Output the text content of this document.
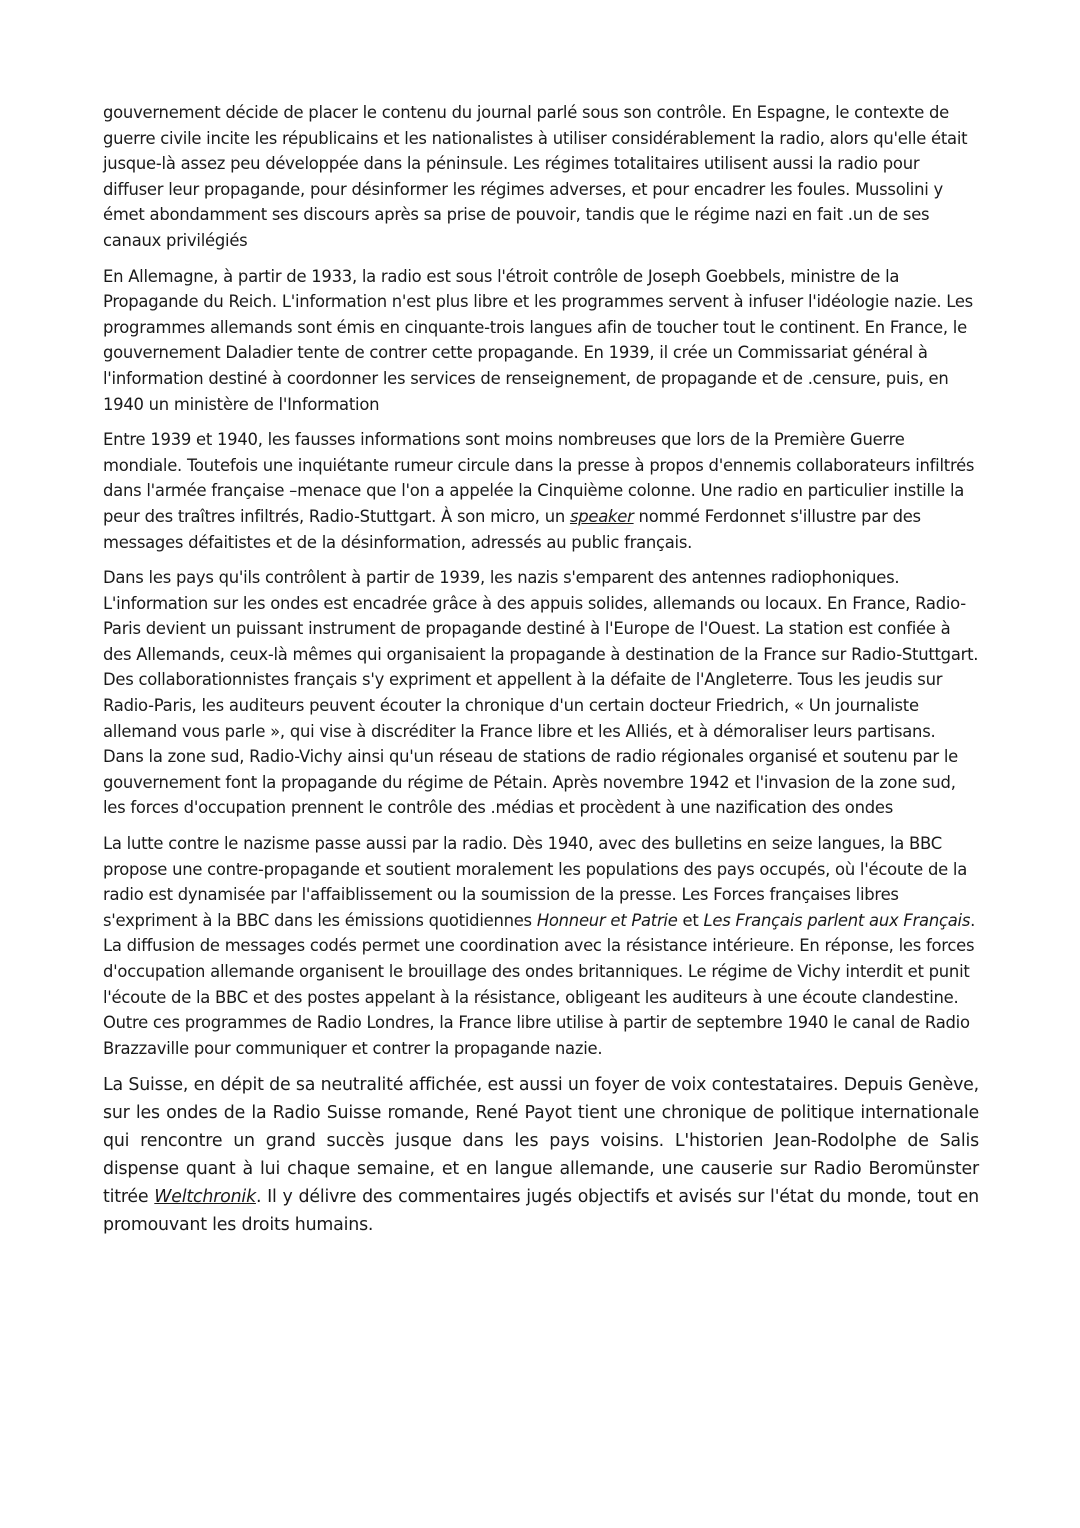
gouvernement décide de placer le contenu du journal parlé sous son contrôle. En Espagne, le contexte de guerre civile incite les républicains et les nationalistes à utiliser considérablement la radio, alors qu'elle était jusque-là assez peu développée dans la péninsule. Les régimes totalitaires utilisent aussi la radio pour diffuser leur propagande, pour désinformer les régimes adverses, et pour encadrer les foules. Mussolini y émet abondamment ses discours après sa prise de pouvoir, tandis que le régime nazi en fait .un de ses canaux privilégiés

En Allemagne, à partir de 1933, la radio est sous l'étroit contrôle de Joseph Goebbels, ministre de la Propagande du Reich. L'information n'est plus libre et les programmes servent à infuser l'idéologie nazie. Les programmes allemands sont émis en cinquante-trois langues afin de toucher tout le continent. En France, le gouvernement Daladier tente de contrer cette propagande. En 1939, il crée un Commissariat général à l'information destiné à coordonner les services de renseignement, de propagande et de .censure, puis, en 1940 un ministère de l'Information

Entre 1939 et 1940, les fausses informations sont moins nombreuses que lors de la Première Guerre mondiale. Toutefois une inquiétante rumeur circule dans la presse à propos d'ennemis collaborateurs infiltrés dans l'armée française –menace que l'on a appelée la Cinquième colonne. Une radio en particulier instille la peur des traîtres infiltrés, Radio-Stuttgart. À son micro, un speaker nommé Ferdonnet s'illustre par des messages défaitistes et de la désinformation, adressés au public français.

Dans les pays qu'ils contrôlent à partir de 1939, les nazis s'emparent des antennes radiophoniques. L'information sur les ondes est encadrée grâce à des appuis solides, allemands ou locaux. En France, Radio-Paris devient un puissant instrument de propagande destiné à l'Europe de l'Ouest. La station est confiée à des Allemands, ceux-là mêmes qui organisaient la propagande à destination de la France sur Radio-Stuttgart. Des collaborationnistes français s'y expriment et appellent à la défaite de l'Angleterre. Tous les jeudis sur Radio-Paris, les auditeurs peuvent écouter la chronique d'un certain docteur Friedrich, « Un journaliste allemand vous parle », qui vise à discréditer la France libre et les Alliés, et à démoraliser leurs partisans. Dans la zone sud, Radio-Vichy ainsi qu'un réseau de stations de radio régionales organisé et soutenu par le gouvernement font la propagande du régime de Pétain. Après novembre 1942 et l'invasion de la zone sud, les forces d'occupation prennent le contrôle des .médias et procèdent à une nazification des ondes

La lutte contre le nazisme passe aussi par la radio. Dès 1940, avec des bulletins en seize langues, la BBC propose une contre-propagande et soutient moralement les populations des pays occupés, où l'écoute de la radio est dynamisée par l'affaiblissement ou la soumission de la presse. Les Forces françaises libres s'expriment à la BBC dans les émissions quotidiennes Honneur et Patrie et Les Français parlent aux Français. La diffusion de messages codés permet une coordination avec la résistance intérieure. En réponse, les forces d'occupation allemande organisent le brouillage des ondes britanniques. Le régime de Vichy interdit et punit l'écoute de la BBC et des postes appelant à la résistance, obligeant les auditeurs à une écoute clandestine. Outre ces programmes de Radio Londres, la France libre utilise à partir de septembre 1940 le canal de Radio Brazzaville pour communiquer et contrer la propagande nazie.

La Suisse, en dépit de sa neutralité affichée, est aussi un foyer de voix contestataires. Depuis Genève, sur les ondes de la Radio Suisse romande, René Payot tient une chronique de politique internationale qui rencontre un grand succès jusque dans les pays voisins. L'historien Jean-Rodolphe de Salis dispense quant à lui chaque semaine, et en langue allemande, une causerie sur Radio Beromünster titrée Weltchronik. Il y délivre des commentaires jugés objectifs et avisés sur l'état du monde, tout en promouvant les droits humains.
